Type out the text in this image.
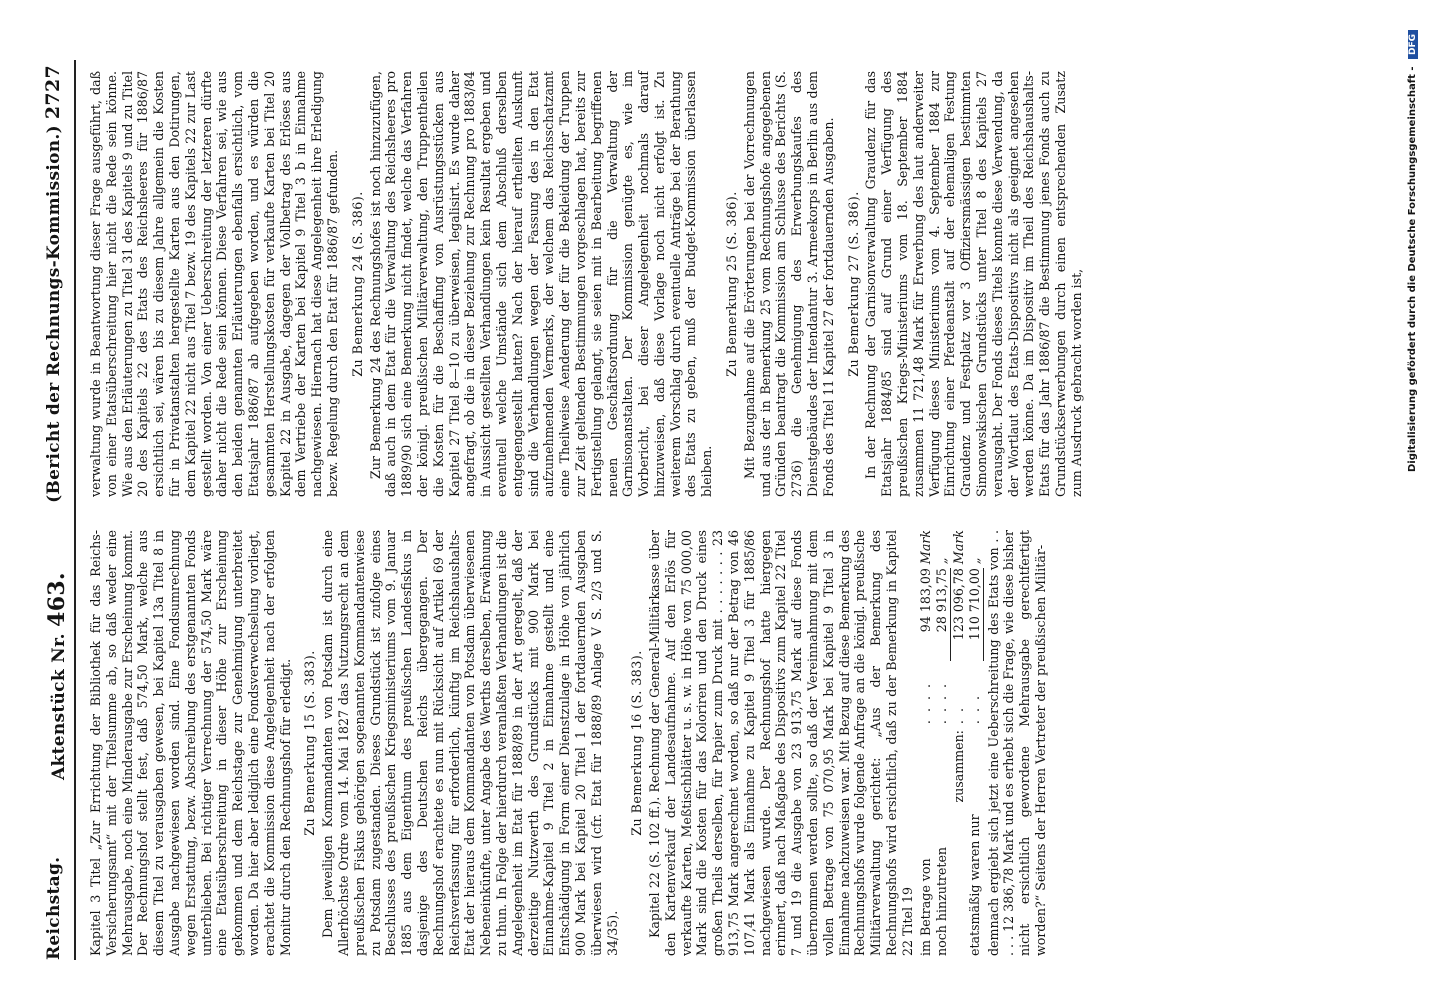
Reichstag.
Aktenstück Nr. 463.
(Bericht der Rechnungs-Kommission.)
2727

Kapitel 3 Titel „Zur Errichtung der Bibliothek für das Reichs-Versicherungsamt“ mit der Titelsumme ab, so daß weder eine Mehrausgabe, noch eine Minderausgabe zur Erscheinung kommt. Der Rechnungshof stellt fest, daß 574,50 Mark, welche aus diesem Titel zu verausgaben gewesen, bei Kapitel 13a Titel 8 in Ausgabe nachgewiesen worden sind. Eine Fondsumrechnung wegen Erstattung, bezw. Abschreibung des erstgenannten Fonds unterblieben. Bei richtiger Verrechnung der 574,50 Mark wäre eine Etatsüberschreitung in dieser Höhe zur Erscheinung gekommen und dem Reichstage zur Genehmigung unterbreitet worden. Da hier aber lediglich eine Fondsverwechselung vorliegt, erachtet die Kommission diese Angelegenheit nach der erfolgten Monitur durch den Rechnungshof für erledigt. Zu Bemerkung 15 (S. 383). Dem jeweiligen Kommandanten von Potsdam ist durch eine Allerhöchste Ordre vom 14. Mai 1827 das Nutzungsrecht an dem preußischen Fiskus gehörigen sogenannten Kommandantenwiese zu Potsdam zugestanden. Dieses Grundstück ist zufolge eines Beschlusses des preußischen Kriegsministeriums vom 9. Januar 1885 aus dem Eigenthum des preußischen Landesfiskus in dasjenige des Deutschen Reichs übergegangen. Der Rechnungshof erachtete es nun mit Rücksicht auf Artikel 69 der Reichsverfassung für erforderlich, künftig im Reichshaushalts-Etat der hieraus dem Kommandanten von Potsdam überwiesenen Nebeneinkünfte, unter Angabe des Werths derselben, Erwähnung zu thun. In Folge der hierdurch veranlaßten Verhandlungen ist die Angelegenheit im Etat für 1888/89 in der Art geregelt, daß der derzeitige Nutzwerth des Grundstücks mit 900 Mark bei Einnahme-Kapitel 9 Titel 2 in Einnahme gestellt und eine Entschädigung in Form einer Dienstzulage in Höhe von jährlich 900 Mark bei Kapitel 20 Titel 1 der fortdauernden Ausgaben überwiesen wird (cfr. Etat für 1888/89 Anlage V S. 2/3 und S. 34/35).

Zu Bemerkung 16 (S. 383). Kapitel 22 (S. 102 ff.). Rechnung der General-Militärkasse über den Kartenverkauf der Landesaufnahme. Auf den Erlös für verkaufte Karten, Meßtischblätter u. s. w. in Höhe von 75 000,00 Mark sind die Kosten für das Koloriren und den Druck eines großen Theils derselben, für Papier zum Druck mit . . . . . . . 23 913,75 Mark angerechnet worden, so daß nur der Betrag von 46 107,41 Mark als Einnahme zu Kapitel 9 Titel 3 für 1885/86 nachgewiesen wurde. Der Rechnungshof hatte hiergegen erinnert, daß nach Maßgabe des Dispositivs zum Kapitel 22 Titel 7 und 19 die Ausgabe von 23 913,75 Mark auf diese Fonds übernommen werden sollte, so daß der Vereinnahmung mit dem vollen Betrage von 75 070,95 Mark bei Kapitel 9 Titel 3 in Einnahme nachzuweisen war. Mit Bezug auf diese Bemerkung des Rechnungshofs wurde folgende Anfrage an die königl. preußische Militärverwaltung gerichtet: „Aus der Bemerkung des Rechnungshofs wird ersichtlich, daß zu der Bemerkung in Kapitel 22 Titel 19 im Betrage von	. . . .	94 183,09	Mark
noch hinzutreten	. . . .	28 913,75	„
zusammen:	. .	123 096,78	Mark
etatsmäßig waren nur	. . .	110 710,00	„ demnach ergiebt sich jetzt eine Ueberschreitung des Etats von . . . . . 12 386,78 Mark und es erhebt sich die Frage, wie diese bisher nicht ersichtlich gewordene Mehrausgabe gerechtfertigt worden?“ Seitens der Herren Vertreter der preußischen Militär-

verwaltung wurde in Beantwortung dieser Frage ausgeführt, daß von einer Etatsüberschreitung hier nicht die Rede sein könne. Wie aus den Erläuterungen zu Titel 31 des Kapitels 9 und zu Titel 20 des Kapitels 22 des Etats des Reichsheeres für 1886/87 ersichtlich sei, wären bis zu diesem Jahre allgemein die Kosten für in Privatanstalten hergestellte Karten aus den Dotirungen, dem Kapitel 22 nicht aus Titel 7 bezw. 19 des Kapitels 22 zur Last gestellt worden. Von einer Ueberschreitung der letzteren dürfte daher nicht die Rede sein können. Diese Verfahren sei, wie aus den beiden genannten Erläuterungen ebenfalls ersichtlich, vom Etatsjahr 1886/87 ab aufgegeben worden, und es würden die gesammten Herstellungskosten für verkaufte Karten bei Titel 20 Kapitel 22 in Ausgabe, dagegen der Vollbetrag des Erlöses aus dem Vertriebe der Karten bei Kapitel 9 Titel 3 b in Einnahme nachgewiesen. Hiernach hat diese Angelegenheit ihre Erledigung bezw. Regelung durch den Etat für 1886/87 gefunden. Zu Bemerkung 24 (S. 386). Zur Bemerkung 24 des Rechnungshofes ist noch hinzuzufügen, daß auch in dem Etat für die Verwaltung des Reichsheeres pro 1889/90 sich eine Bemerkung nicht findet, welche das Verfahren der königl. preußischen Militärverwaltung, den Truppentheilen die Kosten für die Beschaffung von Ausrüstungsstücken aus Kapitel 27 Titel 8—10 zu überweisen, legalisirt. Es wurde daher angefragt, ob die in dieser Beziehung zur Rechnung pro 1883/84 in Aussicht gestellten Verhandlungen kein Resultat ergeben und eventuell welche Umstände sich dem Abschluß derselben entgegengestellt hatten? Nach der hierauf ertheilten Auskunft sind die Verhandlungen wegen der Fassung des in den Etat aufzunehmenden Vermerks, der welchem das Reichsschatzamt eine Theilweise Aenderung der für die Bekleidung der Truppen zur Zeit geltenden Bestimmungen vorgeschlagen hat, bereits zur Fertigstellung gelangt, sie seien mit in Bearbeitung begriffenen neuen Geschäftsordnung für die Verwaltung der Garnisonanstalten. Der Kommission genügte es, wie im Vorbericht, bei dieser Angelegenheit nochmals darauf hinzuweisen, daß diese Vorlage noch nicht erfolgt ist. Zu weiterem Vorschlag durch eventuelle Anträge bei der Berathung des Etats zu geben, muß der Budget-Kommission überlassen bleiben.

Zu Bemerkung 25 (S. 386). Mit Bezugnahme auf die Erörterungen bei der Vorrechnungen und aus der in Bemerkung 25 vom Rechnungshofe angegebenen Gründen beantragt die Kommission am Schlusse des Berichts (S. 2736) die Genehmigung des Erwerbungskaufes des Dienstgebäudes der Intendantur 3. Armeekorps in Berlin aus dem Fonds des Titel 11 Kapitel 27 der fortdauernden Ausgaben. Zu Bemerkung 27 (S. 386). In der Rechnung der Garnisonverwaltung Graudenz für das Etatsjahr 1884/85 sind auf Grund einer Verfügung des preußischen Kriegs-Ministeriums vom 18. September 1884 zusammen 11 721,48 Mark für Erwerbung des laut anderweiter Verfügung dieses Ministeriums vom 4. September 1884 zur Einrichtung einer Pferdeanstalt auf der ehemaligen Festung Graudenz und Festplatz vor 3 Offiziersmässigen bestimmten Simonowskischen Grundstücks unter Titel 8 des Kapitels 27 verausgabt. Der Fonds dieses Titels konnte diese Verwendung, da der Wortlaut des Etats-Dispositivs nicht als geeignet angesehen werden könne. Da im Dispositiv im Theil des Reichshaushalts-Etats für das Jahr 1886/87 die Bestimmung jenes Fonds auch zu Grundstückserwerbungen durch einen entsprechenden Zusatz zum Ausdruck gebracht worden ist,	Digitalisierung gefördert durch die Deutsche Forschungsgemeinschaft - DFG
